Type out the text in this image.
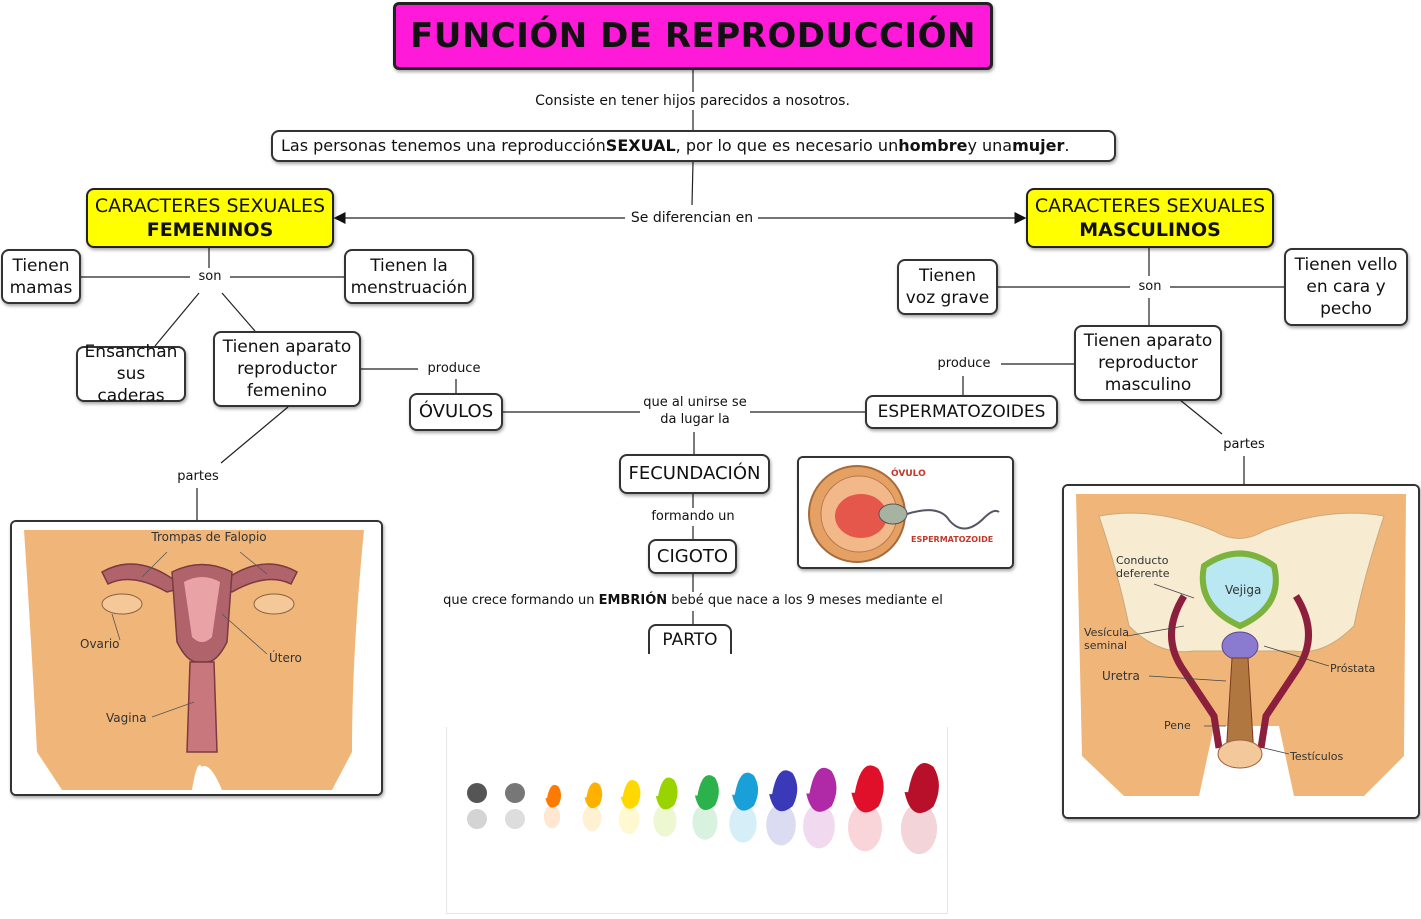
FUNCIÓN DE REPRODUCCIÓN
Consiste en tener hijos parecidos a nosotros.
Las personas tenemos una reproducción SEXUAL , por lo que es necesario un hombre y una mujer .
Se diferencian en
CARACTERES SEXUALES
FEMENINOS
son
Tienen mamas
Tienen la menstruación
Ensanchan sus caderas
Tienen aparato reproductor femenino
produce
ÓVULOS
partes
Trompas de Falopio
Ovario
Útero
Vagina
CARACTERES SEXUALES
MASCULINOS
son
Tienen voz grave
Tienen vello en cara y pecho
Tienen aparato reproductor masculino
produce
ESPERMATOZOIDES
partes
Conducto deferente
Vejiga
Vesícula seminal
Uretra
Próstata
Pene
Testículos
que al unirse se da lugar la
FECUNDACIÓN
formando un
CIGOTO
que crece formando un EMBRIÓN bebé que nace a los 9 meses mediante el
PARTO
ÓVULO
ESPERMATOZOIDE
